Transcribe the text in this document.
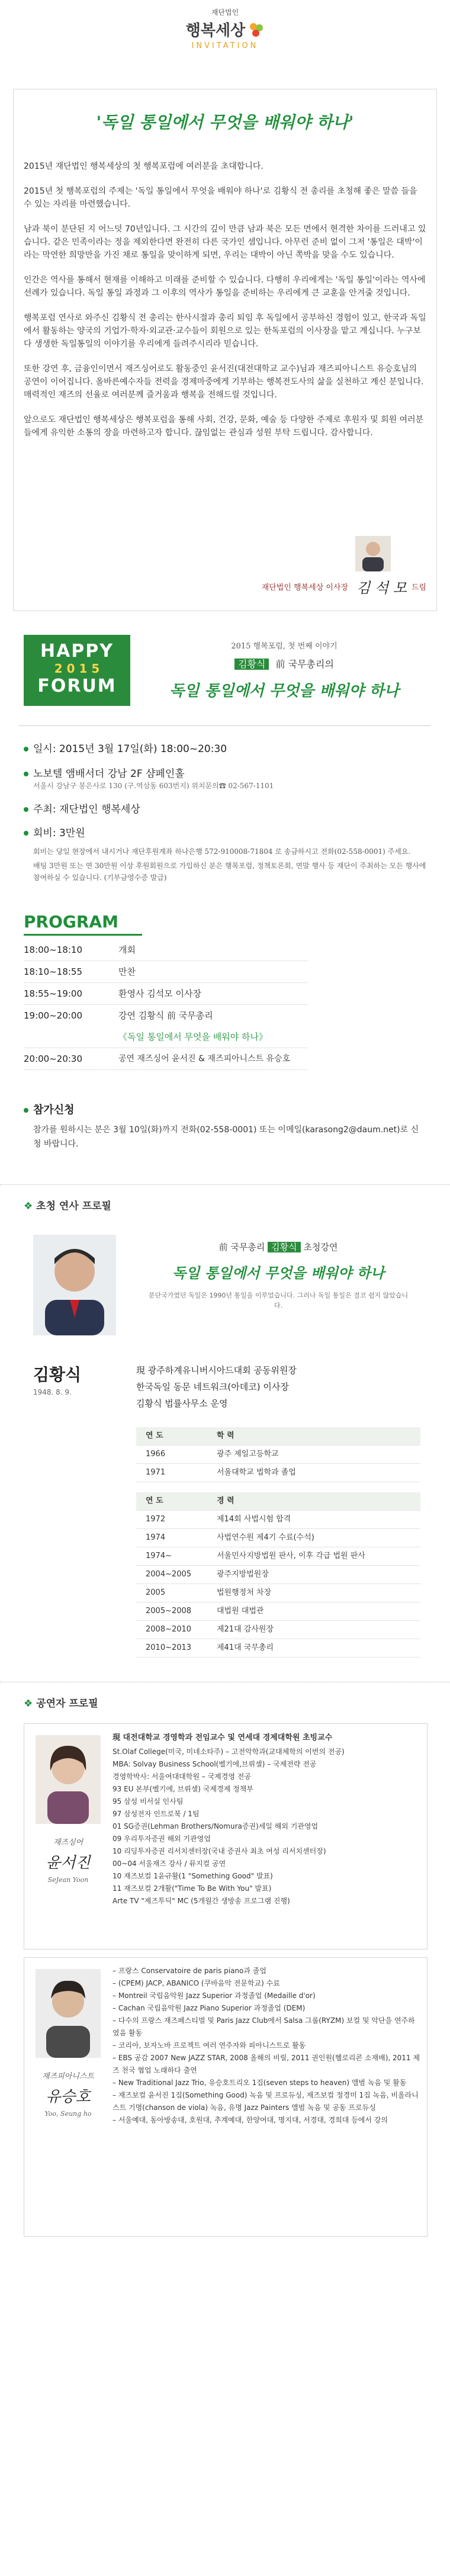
재단법인
행복세상
INVITATION
'독일 통일에서 무엇을 배워야 하나'

2015년 재단법인 행복세상의 첫 행복포럼에 여러분을 초대합니다.

2015년 첫 행복포럼의 주제는 '독일 통일에서 무엇을 배워야 하나'로 김황식 전 총리를 초청해 좋은 말씀 들을 수 있는 자리를 마련했습니다.

남과 북이 분단된 지 어느덧 70년입니다. 그 시간의 깊이 만큼 남과 북은 모든 면에서 현격한 차이를 드러내고 있습니다. 같은 민족이라는 정을 제외한다면 완전히 다른 국가인 셈입니다. 아무런 준비 없이 그저 '통일은 대박'이라는 막연한 희망만을 가진 채로 통일을 맞이하게 되면, 우리는 대박이 아닌 쪽박을 맞을 수도 있습니다.

인간은 역사를 통해서 현재를 이해하고 미래를 준비할 수 있습니다. 다행히 우리에게는 '독일 통일'이라는 역사에 선례가 있습니다. 독일 통일 과정과 그 이후의 역사가 통일을 준비하는 우리에게 큰 교훈을 안겨줄 것입니다.

행복포럼 연사로 와주신 김황식 전 총리는 한사시절과 총리 퇴임 후 독일에서 공부하신 경험이 있고, 한국과 독일에서 활동하는 양국의 기업가·학자·외교관·교수들이 회원으로 있는 한독포럼의 이사장을 맡고 계십니다. 누구보다 생생한 독일통일의 이야기를 우리에게 들려주시리라 믿습니다.

또한 강연 후, 금융인이면서 재즈싱어로도 활동중인 윤서진(대전대학교 교수)님과 재즈피아니스트 유승호님의 공연이 이어집니다. 올바른예수자들 전력을 경제마중에게 기부하는 행복전도사의 삶을 실천하고 계신 분입니다. 매력적인 재즈의 선율로 여러분께 즐거움과 행복을 전해드릴 것입니다.

앞으로도 재단법인 행복세상은 행복포럼을 통해 사회, 건강, 문화, 예술 등 다양한 주제로 후원자 및 회원 여러분들에게 유익한 소통의 장을 마련하고자 합니다. 끊임없는 관심과 성원 부탁 드립니다. 감사합니다.

재단법인 행복세상 이사장 김 석 모 드림
HAPPY
2 0 1 5
FORUM
2015 행복포럼, 첫 번째 이야기
김황식 前 국무총리의
독일 통일에서 무엇을 배워야 하나
일시: 2015년 3월 17일(화) 18:00~20:30
노보텔 앰배서더 강남 2F 샴페인홀
서울시 강남구 봉은사로 130 (구.역삼동 603번지) 위치문의☎ 02-567-1101
주최: 재단법인 행복세상
회비: 3만원

회비는 당일 현장에서 내시거나 재단후원계좌 하나은행 572-910008-71804 로 송금하시고 전화(02-558-0001) 주세요.

배팅 3만원 또는 연 30만원 이상 후원회원으로 가입하신 분은 행복포럼, 정책토론회, 연말 행사 등 재단이 주최하는 모든 행사에 참여하실 수 있습니다. (기부금영수증 발급)

PROGRAM
18:00~18:10	개회
18:10~18:55	만찬
18:55~19:00	환영사 김석모 이사장
19:00~20:00	강연 김황식 前 국무총리
《독일 통일에서 무엇을 배워야 하나》
20:00~20:30	공연 재즈싱어 윤서진 & 재즈피아니스트 유승호
참가신청

참가를 원하시는 분은 3월 10일(화)까지 전화(02-558-0001) 또는 이메일(karasong2@daum.net)로 신청 바랍니다.

❖ 초청 연사 프로필
前 국무총리 김황식 초청강연
독일 통일에서 무엇을 배워야 하나

분단국가였던 독일은 1990년 통일을 이루었습니다. 그러나 독일 통일은 결코 쉽지 않았습니다.

김황식
1948. 8. 9.
現 광주하계유니버시아드대회 공동위원장
한국독일 동문 네트워크(아데코) 이사장
김황식 법률사무소 운영
연 도	학 력
1966	광주 제일고등학교
1971	서울대학교 법학과 졸업
연 도	경 력
1972	제14회 사법시험 합격
1974	사법연수원 제4기 수료(수석)
1974~	서울민사지방법원 판사, 이후 각급 법원 판사
2004~2005	광주지방법원장
2005	법원행정처 차장
2005~2008	대법원 대법관
2008~2010	제21대 감사원장
2010~2013	제41대 국무총리
❖ 공연자 프로필
재즈싱어
윤서진
SeJean Yoon
現 대전대학교 경영학과 전임교수 및 연세대 경제대학원 초빙교수
St.Olaf College(미국, 미네소타주) – 고전악학과(교대체학의 이번의 전공)
MBA: Solvay Business School(벨기에,브뤼셀) – 국제전략 전공
경영학박사: 서울여대대학원 – 국제경영 전공
93 EU 본부(벨기에, 브뤼셀) 국제경제 정책부
95 삼성 비서실 인사팀
97 삼성전자 인트로북 / 1팀
01 SG증권(Lehman Brothers/Nomura증권)세일 해외 기관영업
09 우리투자증권 해외 기관영업
10 리딩투자증권 리서치센터장(국내 증권사 최초 여성 리서치센터장)
00~04 서울재즈 강사 / 뮤지컬 공연
10 재즈보컬 1윤규활(1 "Something Good" 발표)
11 재즈보컬 2개활("Time To Be With You" 발표)
Arte TV "제즈투딕" MC (5개월간 생방송 프로그램 진행)
재즈피아니스트
유승호
Yoo, Seung ho
– 프랑스 Conservatoire de paris piano과 졸업
– (CPEM) JACP, ABANICO (쿠바음악 전문학교) 수료
– Montreil 국립음악원 Jazz Superior 과정졸업 (Medaille d'or)
– Cachan 국립음악원 Jazz Piano Superior 과정졸업 (DEM)
– 다수의 프랑스 재즈페스티벌 및 Paris Jazz Club에서 Salsa 그룹(RYZM) 보컬 및 악단을 연주하였음 활동
– 코리아, 보자노바 프로젝트 여러 연주자와 피아니스트로 활동
– EBS 공감 2007 New JAZZ STAR, 2008 올해의 비릴, 2011 권인원(헬로리콘 소재배), 2011 제즈 천국 협업 노래하다 출연
– New Traditional Jazz Trio, 유승호트리오 1집(seven steps to heaven) 앨범 녹음 및 활동
– 재즈보컬 윤서진 1집(Something Good) 녹음 및 프로듀싱, 재즈보컬 정경미 1집 녹음, 비올라니스트 기명(chanson de viola) 녹음, 유명 Jazz Painters 앨범 녹음 및 공동 프로듀싱
– 서울예대, 동아방송대, 호원대, 추계예대, 한양여대, 명지대, 서경대, 경희대 등에서 강의
